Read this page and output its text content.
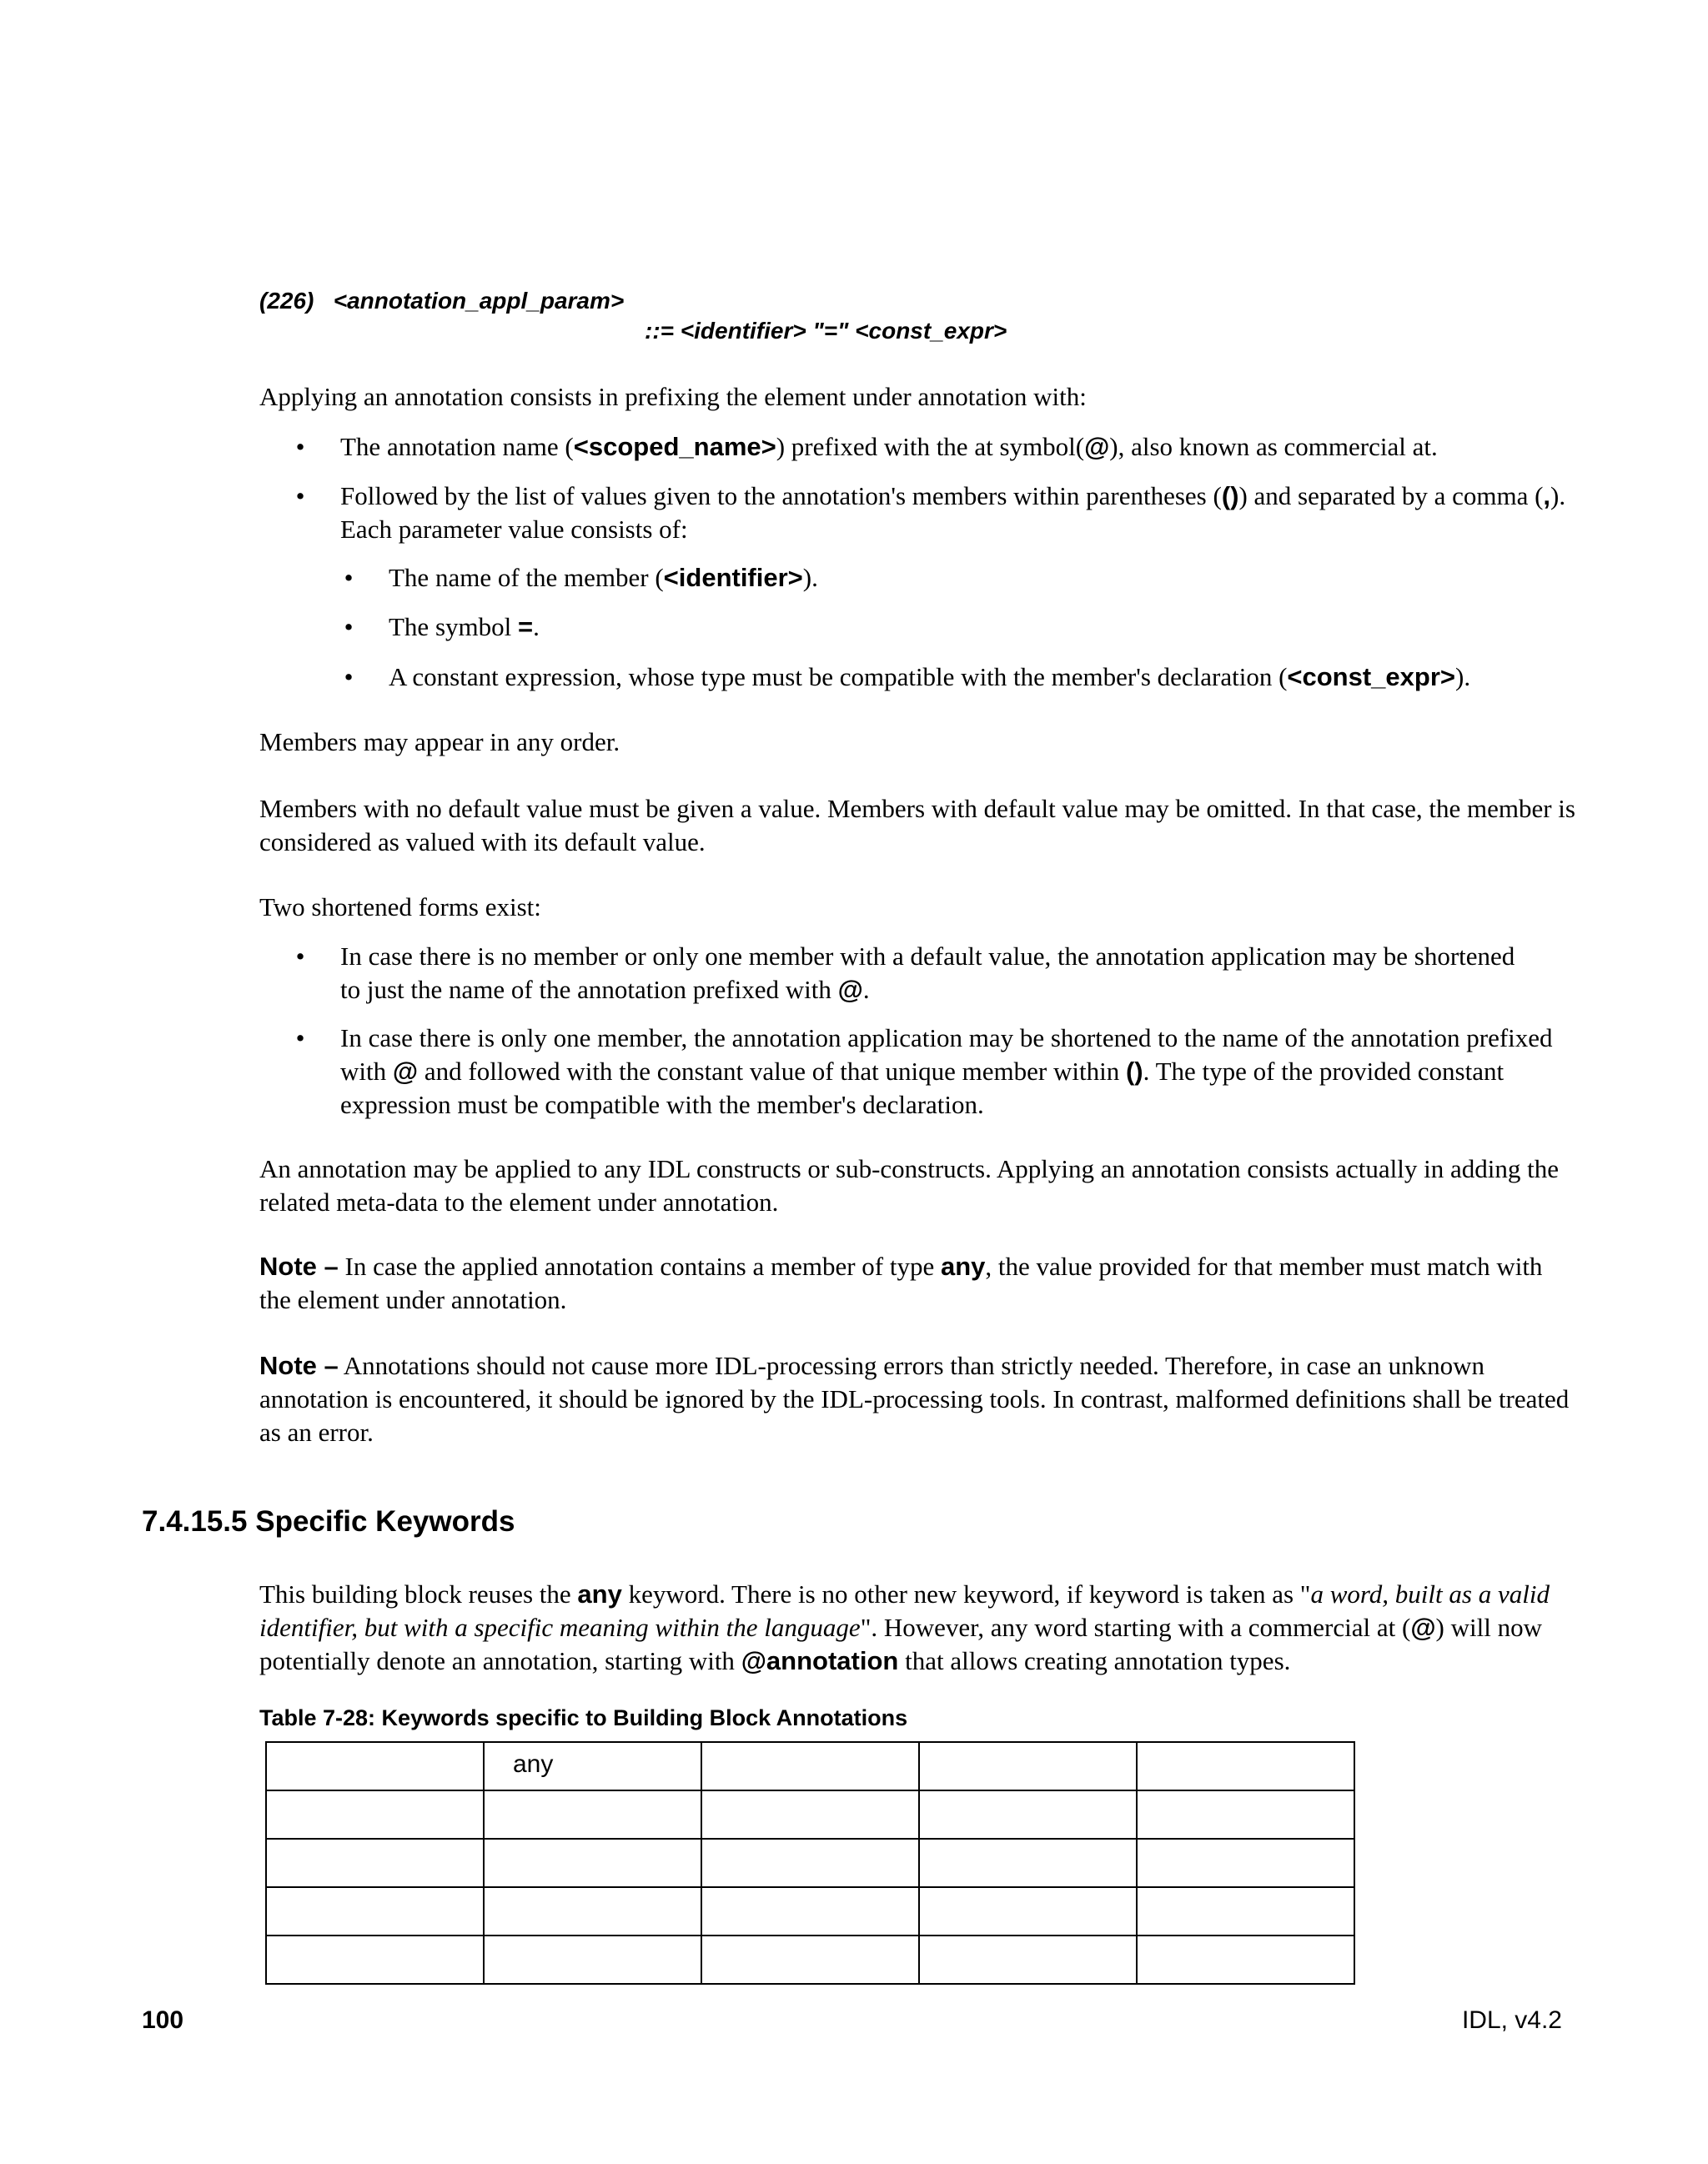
(226) <annotation_appl_param>
::= <identifier> "=" <const_expr>
Applying an annotation consists in prefixing the element under annotation with:
• The annotation name (<scoped_name>) prefixed with the at symbol(@), also known as commercial at.
• Followed by the list of values given to the annotation's members within parentheses (()) and separated by a comma (,). Each parameter value consists of:
• The name of the member (<identifier>).
• The symbol =.
• A constant expression, whose type must be compatible with the member's declaration (<const_expr>).
Members may appear in any order.
Members with no default value must be given a value. Members with default value may be omitted. In that case, the member is considered as valued with its default value.
Two shortened forms exist:
• In case there is no member or only one member with a default value, the annotation application may be shortened to just the name of the annotation prefixed with @.
• In case there is only one member, the annotation application may be shortened to the name of the annotation prefixed with @ and followed with the constant value of that unique member within (). The type of the provided constant expression must be compatible with the member's declaration.
An annotation may be applied to any IDL constructs or sub-constructs. Applying an annotation consists actually in adding the related meta-data to the element under annotation.
Note – In case the applied annotation contains a member of type any, the value provided for that member must match with the element under annotation.
Note – Annotations should not cause more IDL-processing errors than strictly needed. Therefore, in case an unknown annotation is encountered, it should be ignored by the IDL-processing tools. In contrast, malformed definitions shall be treated as an error.
7.4.15.5 Specific Keywords
This building block reuses the any keyword. There is no other new keyword, if keyword is taken as "a word, built as a valid identifier, but with a specific meaning within the language". However, any word starting with a commercial at (@) will now potentially denote an annotation, starting with @annotation that allows creating annotation types.
Table 7-28: Keywords specific to Building Block Annotations
	any			

100	IDL, v4.2
